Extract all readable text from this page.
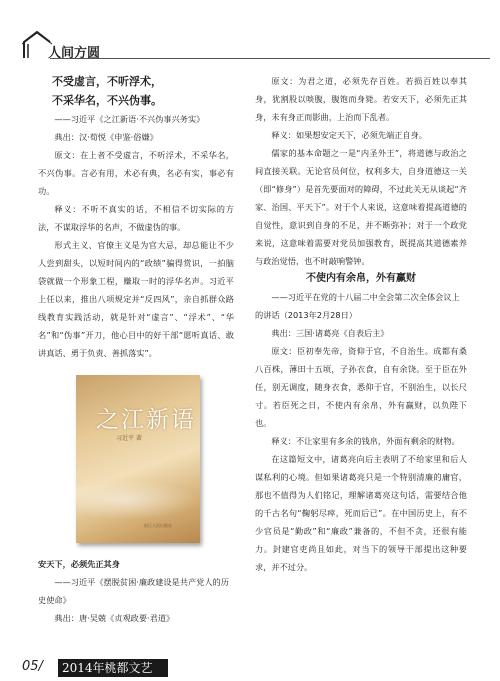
人间方圆

不受虚言，不听浮术，

不采华名，不兴伪事。

——习近平《之江新语·不兴伪事兴务实》

典出：汉·荀悦《申鉴·俗嫌》

原文：在上者不受虚言，不听浮术，不采华名，不兴伪事。言必有用，术必有典，名必有实，事必有功。

释义：不听不真实的话，不相信不切实际的方法，不谋取浮华的名声，不做虚伪的事。

形式主义、官僚主义是为官大忌，却总能让不少人尝到甜头，以短时间内的“政绩”骗得赏识，一拍脑袋就做一个形象工程，赚取一时的浮华名声。习近平上任以来，推出八项规定并“反四风”，亲自抓群众路线教育实践活动，就是针对“虚言”、“浮术”、“华名”和“伪事”开刀，他心目中的好干部“愿听真话、敢讲真话、勇于负责、善抓落实”。

之江新语
习近平 著
浙江人民出版社

安天下，必须先正其身

——习近平《摆脱贫困·廉政建设是共产党人的历史使命》

典出：唐·吴兢《贞观政要·君道》

原文：为君之道，必须先存百姓。若损百姓以奉其身，犹割股以啖腹，腹饱而身毙。若安天下，必须先正其身，未有身正而影曲，上治而下乱者。

释义：如果想安定天下，必须先端正自身。

儒家的基本命题之一是“内圣外王”，将道德与政治之间直接关联。无论官员何位，权利多大，自身道德这一关（即“修身”）是首先要面对的障碍，不过此关无从谈起“齐家、治国、平天下”。对于个人来说，这意味着提高道德的自觉性，意识到自身的不足，并不断弥补；对于一个政党来说，这意味着需要对党员加强教育，既提高其道德素养与政治觉悟，也不时敲响警钟。

不使内有余帛，外有赢财

——习近平在党的十八届二中全会第二次全体会议上的讲话（2013年2月28日）

典出：三国·诸葛亮《自表后主》

原文：臣初奉先帝，资仰于官，不自治生。成都有桑八百株，薄田十五顷，子孙衣食，自有余饶。至于臣在外任，别无调度，随身衣食，悉仰于官，不别治生，以长尺寸。若臣死之日，不使内有余帛，外有赢财，以负陛下也。

释义：不让家里有多余的钱帛，外面有剩余的财物。

在这篇短文中，诸葛亮向后主表明了不给家里和后人谋私利的心境。但如果诸葛亮只是一个特别清廉的庸官，那也不值得为人们铭记，理解诸葛亮这句话，需要结合他的千古名句“鞠躬尽瘁，死而后已”。在中国历史上，有不少官员是“勤政”和“廉政”兼备的，不但不贪，还很有能力。封建官吏尚且如此，对当下的领导干部提出这种要求，并不过分。

05/ 2014年桃都文艺
